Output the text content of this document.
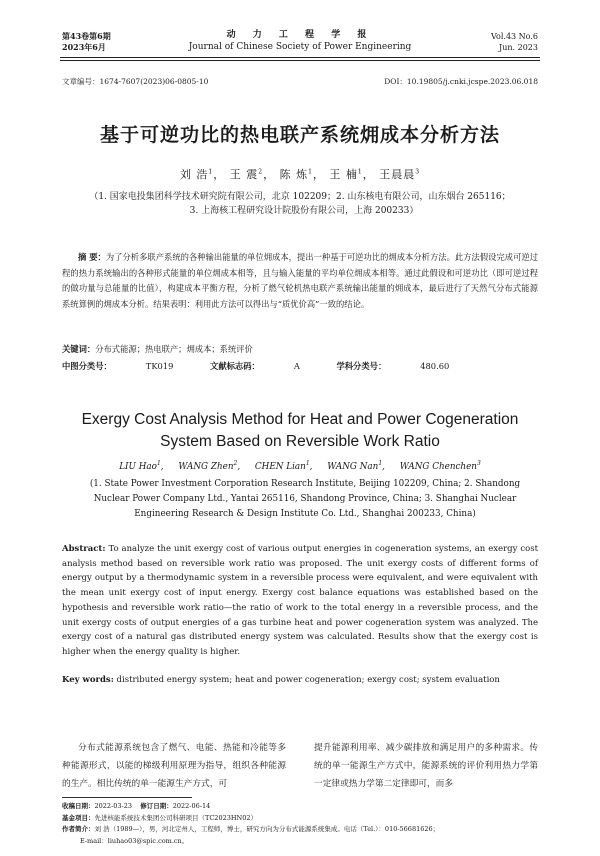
第43卷第6期
2023年6月
动 力 工 程 学 报
Journal of Chinese Society of Power Engineering
Vol.43 No.6
Jun. 2023
文章编号：1674-7607(2023)06-0805-10	DOI：10.19805/j.cnki.jcspe.2023.06.018
基于可逆功比的热电联产系统㶲成本分析方法
刘 浩$^1$， 王 震$^2$， 陈 炼$^1$， 王 楠$^1$， 王晨晨$^3$
（1. 国家电投集团科学技术研究院有限公司，北京 102209；2. 山东核电有限公司，山东烟台 265116；
3. 上海核工程研究设计院股份有限公司，上海 200233）
摘 要：为了分析多联产系统的各种输出能量的单位㶲成本，提出一种基于可逆功比的㶲成本分析方法。此方法假设完成可逆过程的热力系统输出的各种形式能量的单位㶲成本相等，且与输入能量的平均单位㶲成本相等。通过此假设和可逆功比（即可逆过程的做功量与总能量的比值），构建成本平衡方程，分析了燃气轮机热电联产系统输出能量的㶲成本，最后进行了天然气分布式能源系统算例的㶲成本分析。结果表明：利用此方法可以得出与“质优价高”一致的结论。
关键词：分布式能源；热电联产；㶲成本；系统评价
中图分类号：	TK019	文献标志码：	A	学科分类号：	480.60
Exergy Cost Analysis Method for Heat and Power Cogeneration
System Based on Reversible Work Ratio
LIU Hao$^1$, WANG Zhen$^2$, CHEN Lian$^1$, WANG Nan$^1$, WANG Chenchen$^3$
(1. State Power Investment Corporation Research Institute, Beijing 102209, China; 2. Shandong
Nuclear Power Company Ltd., Yantai 265116, Shandong Province, China; 3. Shanghai Nuclear
Engineering Research & Design Institute Co. Ltd., Shanghai 200233, China)
Abstract: To analyze the unit exergy cost of various output energies in cogeneration systems, an exergy cost analysis method based on reversible work ratio was proposed. The unit exergy costs of different forms of energy output by a thermodynamic system in a reversible process were equivalent, and were equivalent with the mean unit exergy cost of input energy. Exergy cost balance equations was established based on the hypothesis and reversible work ratio—the ratio of work to the total energy in a reversible process, and the unit exergy costs of output energies of a gas turbine heat and power cogeneration system was analyzed. The exergy cost of a natural gas distributed energy system was calculated. Results show that the exergy cost is higher when the energy quality is higher.
Key words: distributed energy system; heat and power cogeneration; exergy cost; system evaluation
分布式能源系统包含了燃气、电能、热能和冷能等多种能源形式，以能的梯级利用原理为指导，组织各种能源的生产。相比传统的单一能源生产方式，可
提升能源利用率、减少碳排放和满足用户的多种需求。传统的单一能源生产方式中，能源系统的评价利用热力学第一定律或热力学第二定律即可，而多
收稿日期：2022-03-23 修订日期：2022-06-14
基金项目：先进核能系统技术集团公司科研项目（TC2023HN02）
作者简介：刘 浩（1989—），男，河北定州人，工程师，博士，研究方向为分布式能源系统集成。电话（Tel.）：010-56681626；
E-mail：liuhao03@spic.com.cn。
